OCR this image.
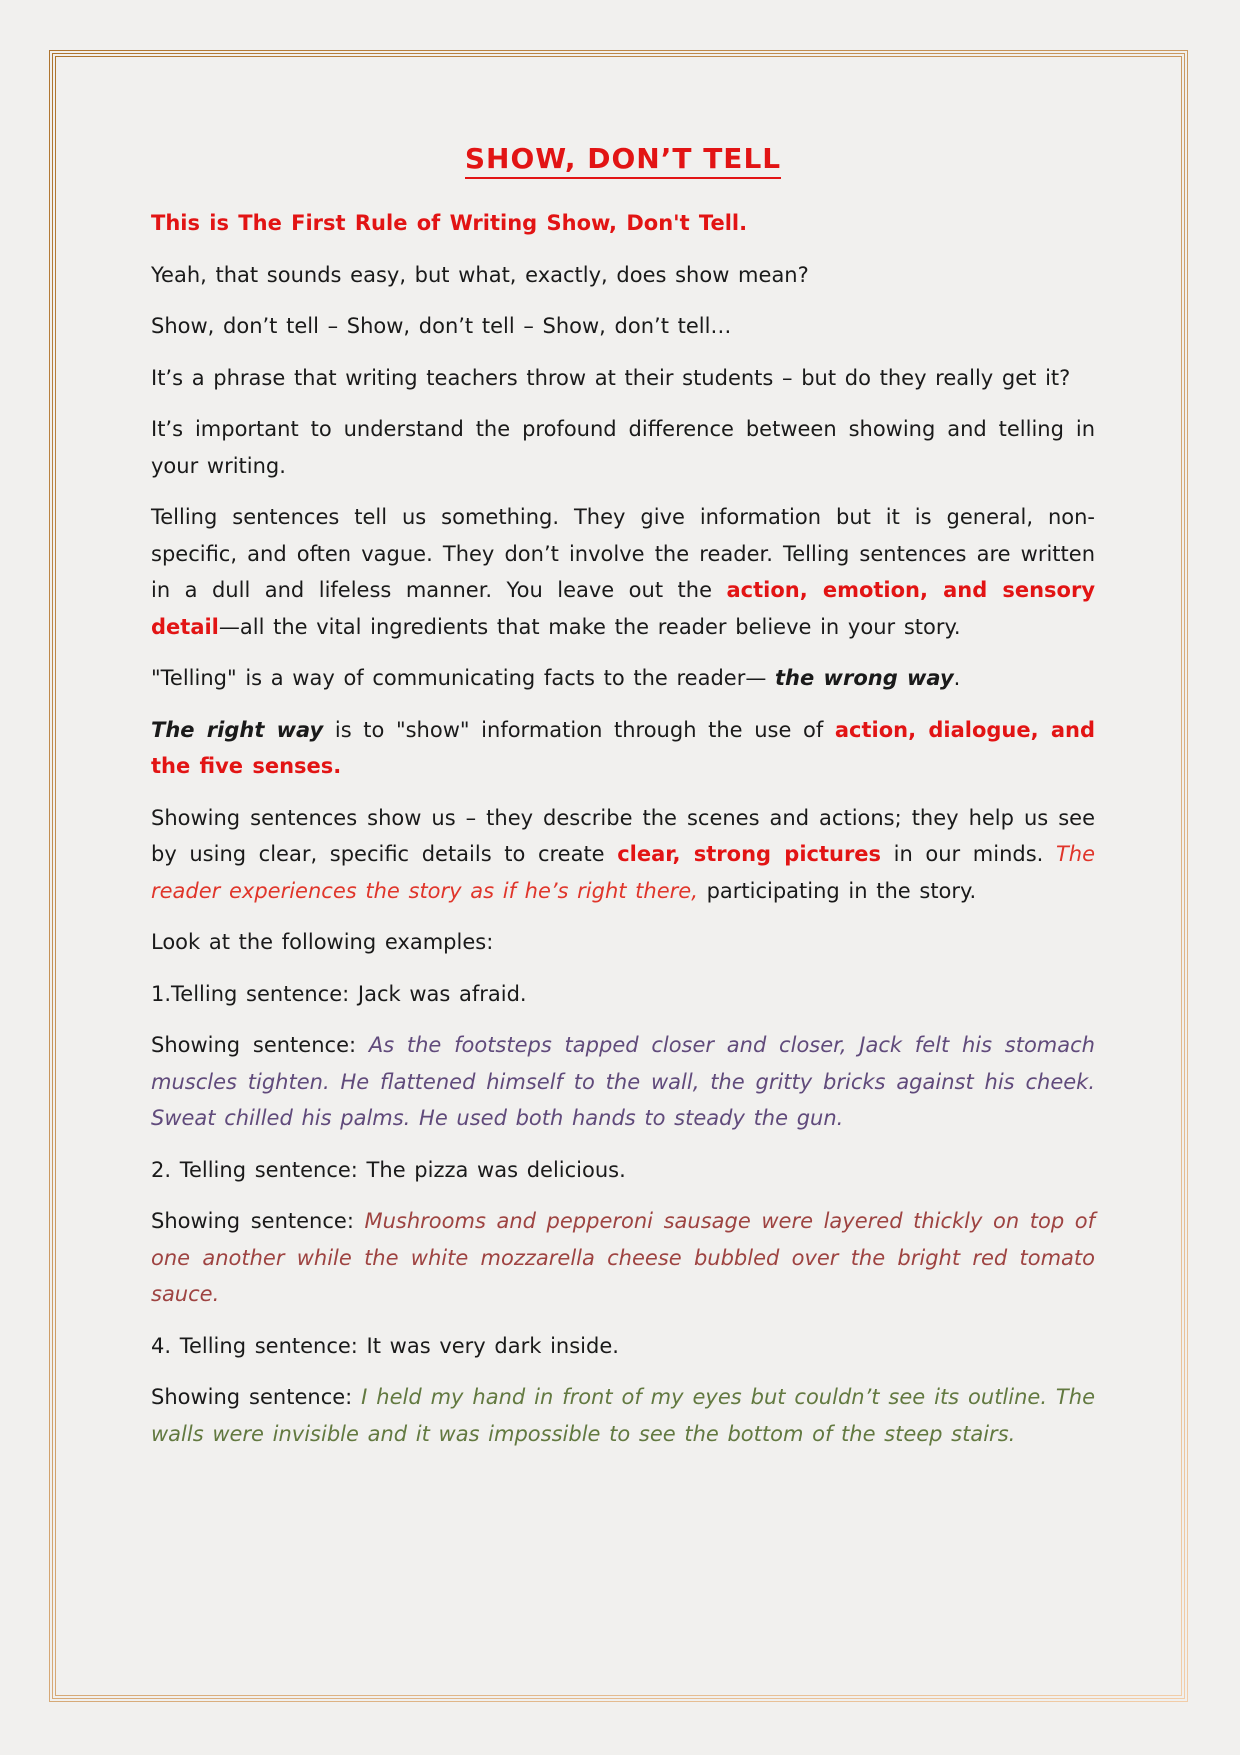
SHOW, DON’T TELL

This is The First Rule of Writing Show, Don't Tell.

Yeah, that sounds easy, but what, exactly, does show mean?

Show, don’t tell – Show, don’t tell – Show, don’t tell…

It’s a phrase that writing teachers throw at their students – but do they really get it?

It’s important to understand the profound difference between showing and telling in your writing.

Telling sentences tell us something. They give information but it is general, non-specific, and often vague. They don’t involve the reader. Telling sentences are written in a dull and lifeless manner. You leave out the action, emotion, and sensory detail—all the vital ingredients that make the reader believe in your story.

"Telling" is a way of communicating facts to the reader— the wrong way.

The right way is to "show" information through the use of action, dialogue, and the five senses.

Showing sentences show us – they describe the scenes and actions; they help us see by using clear, specific details to create clear, strong pictures in our minds. The reader experiences the story as if he’s right there, participating in the story.

Look at the following examples:

1.Telling sentence: Jack was afraid.

Showing sentence: As the footsteps tapped closer and closer, Jack felt his stomach muscles tighten. He flattened himself to the wall, the gritty bricks against his cheek. Sweat chilled his palms. He used both hands to steady the gun.

2. Telling sentence: The pizza was delicious.

Showing sentence: Mushrooms and pepperoni sausage were layered thickly on top of one another while the white mozzarella cheese bubbled over the bright red tomato sauce.

4. Telling sentence: It was very dark inside.

Showing sentence: I held my hand in front of my eyes but couldn’t see its outline. The walls were invisible and it was impossible to see the bottom of the steep stairs.
